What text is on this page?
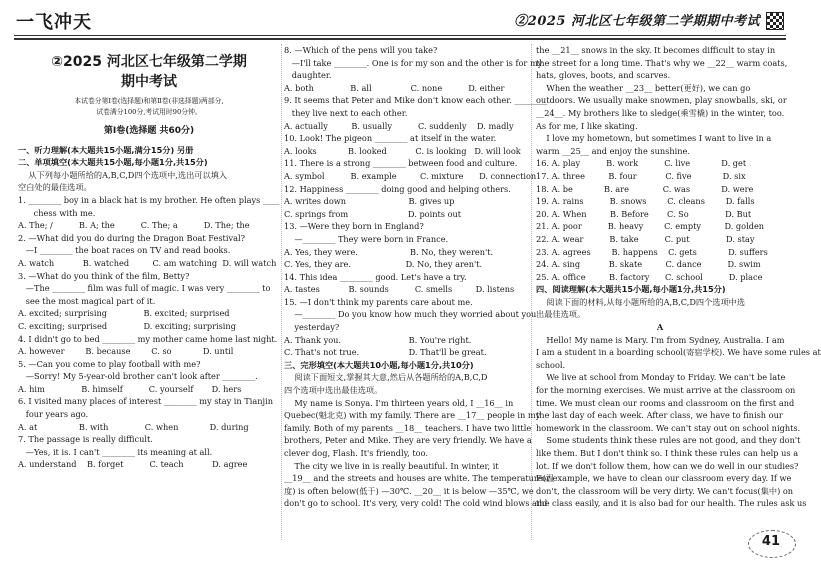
一飞冲天	②2025 河北区七年级第二学期期中考试
②2025 河北区七年级第二学期
期中考试
本试卷分第Ⅰ卷(选择题)和第Ⅱ卷(非选择题)两部分,
试卷满分100分,考试用时90分钟。
第Ⅰ卷(选择题 共60分)
一、听力理解(本大题共15小题,满分15分) 另册
二、单项填空(本大题共15小题,每小题1分,共15分)
从下列每小题所给的A,B,C,D四个选项中,选出可以填入
空白处的最佳选项。
1. ________ boy in a black hat is my brother. He often plays ____
chess with me.
A. The; /          B. A; the          C. The; a          D. The; the
2. —What did you do during the Dragon Boat Festival?
—I ________ the boat races on TV and read books.
A. watch           B. watched         C. am watching  D. will watch
3. —What do you think of the film, Betty?
—The ________ film was full of magic. I was very ________ to
see the most magical part of it.
A. excited; surprising              B. excited; surprised
C. exciting; surprised              D. exciting; surprising
4. I didn't go to bed ________ my mother came home last night.
A. however        B. because        C. so            D. until
5. —Can you come to play football with me?
—Sorry! My 5-year-old brother can't look after ________.
A. him              B. himself          C. yourself       D. hers
6. I visited many places of interest ________ my stay in Tianjin
four years ago.
A. at                B. with              C. when            D. during
7. The passage is really difficult.
—Yes, it is. I can't ________ its meaning at all.
A. understand    B. forget          C. teach           D. agree
8. —Which of the pens will you take?
—I'll take ________. One is for my son and the other is for my
daughter.
A. both              B. all               C. none          D. either
9. It seems that Peter and Mike don't know each other. ________
they live next to each other.
A. actually         B. usually          C. suddenly    D. madly
10. Look! The pigeon ________ at itself in the water.
A. looks            B. looked           C. is looking   D. will look
11. There is a strong ________ between food and culture.
A. symbol          B. example         C. mixture      D. connection
12. Happiness ________ doing good and helping others.
A. writes down                        B. gives up
C. springs from                       D. points out
13. —Were they born in England?
—________ They were born in France.
A. Yes, they were.                    B. No, they weren't.
C. Yes, they are.                     D. No, they aren't.
14. This idea ________ good. Let's have a try.
A. tastes           B. sounds          C. smells         D. listens
15. —I don't think my parents care about me.
—________ Do you know how much they worried about you
yesterday?
A. Thank you.                          B. You're right.
C. That's not true.                   D. That'll be great.
三、完形填空(本大题共10小题,每小题1分,共10分)
阅读下面短文,掌握其大意,然后从各题所给的A,B,C,D
四个选项中选出最佳选项。
My name is Sonya. I'm thirteen years old, I __16__ in
Quebec(魁北克) with my family. There are __17__ people in my
family. Both of my parents __18__ teachers. I have two little
brothers, Peter and Mike. They are very friendly. We have a
clever dog, Flash. It's friendly, too.
The city we live in is really beautiful. In winter, it
__19__ and the streets and houses are white. The temperature(温
度) is often below(低于) —30℃. __20__ it is below —35℃, we
don't go to school. It's very, very cold! The cold wind blows and
the __21__ snows in the sky. It becomes difficult to stay in
the street for a long time. That's why we __22__ warm coats,
hats, gloves, boots, and scarves.
When the weather __23__ better(更好), we can go
outdoors. We usually make snowmen, play snowballs, ski, or
__24__. My brothers like to sledge(乘雪橇) in the winter, too.
As for me, I like skating.
I love my hometown, but sometimes I want to live in a
warm __25__ and enjoy the sunshine.
16. A. play          B. work          C. live            D. get
17. A. three         B. four           C. five            D. six
18. A. be            B. are             C. was            D. were
19. A. rains          B. snows        C. cleans        D. falls
20. A. When         B. Before       C. So              D. But
21. A. poor          B. heavy        C. empty         D. golden
22. A. wear          B. take          C. put              D. stay
23. A. agrees        B. happens    C. gets            D. suffers
24. A. sing           B. skate         C. dance          D. swim
25. A. office         B. factory      C. school          D. place
四、阅读理解(本大题共15小题,每小题1分,共15分)
阅读下面的材料,从每小题所给的A,B,C,D四个选项中选
出最佳选项。
A
Hello! My name is Mary. I'm from Sydney, Australia. I am
I am a student in a boarding school(寄宿学校). We have some rules at
school.
We live at school from Monday to Friday. We can't be late
for the morning exercises. We must arrive at the classroom on
time. We must clean our rooms and classroom on the first and
the last day of each week. After class, we have to finish our
homework in the classroom. We can't stay out on school nights.
Some students think these rules are not good, and they don't
like them. But I don't think so. I think these rules can help us a
lot. If we don't follow them, how can we do well in our studies?
For example, we have to clean our classroom every day. If we
don't, the classroom will be very dirty. We can't focus(集中) on
the class easily, and it is also bad for our health. The rules ask us
41
